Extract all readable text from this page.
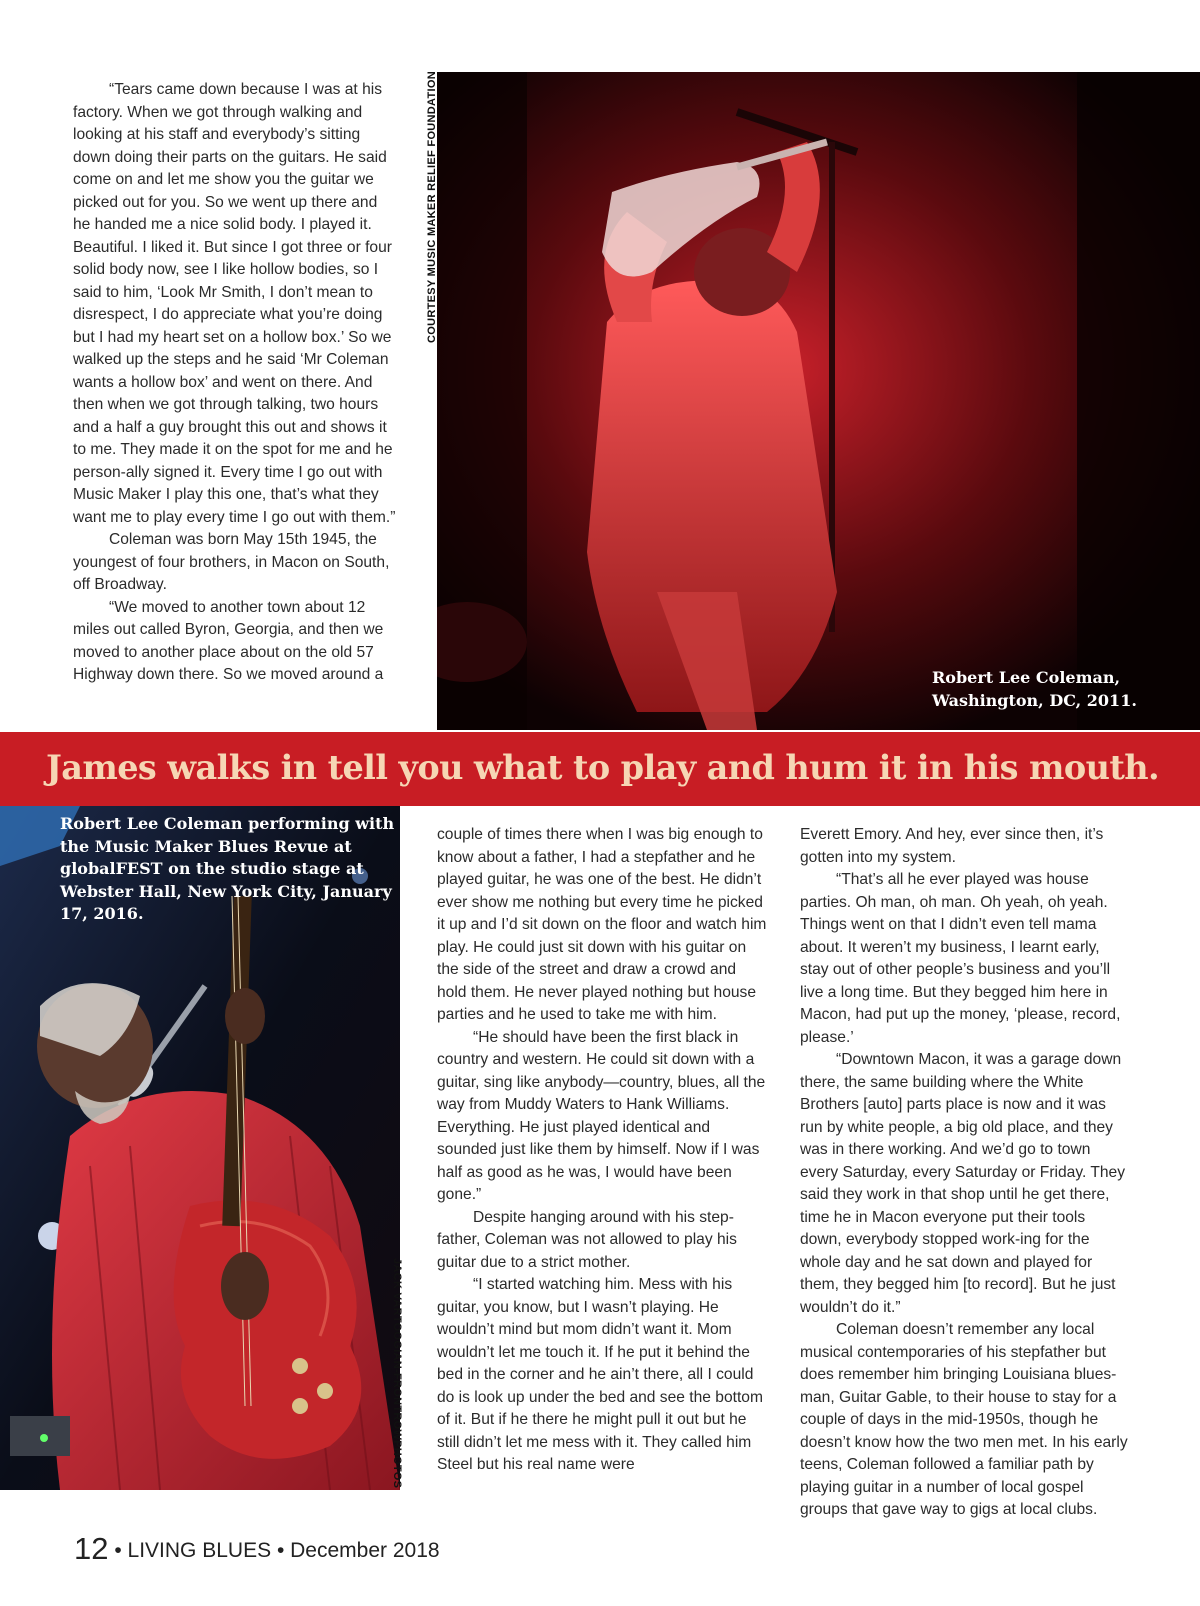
“Tears came down because I was at his factory. When we got through walking and looking at his staff and everybody’s sitting down doing their parts on the guitars. He said come on and let me show you the guitar we picked out for you. So we went up there and he handed me a nice solid body. I played it. Beautiful. I liked it. But since I got three or four solid body now, see I like hollow bodies, so I said to him, ‘Look Mr Smith, I don’t mean to disrespect, I do appreciate what you’re doing but I had my heart set on a hollow box.’ So we walked up the steps and he said ‘Mr Coleman wants a hollow box’ and went on there. And then when we got through talking, two hours and a half a guy brought this out and shows it to me. They made it on the spot for me and he person-ally signed it. Every time I go out with Music Maker I play this one, that’s what they want me to play every time I go out with them.”

Coleman was born May 15th 1945, the youngest of four brothers, in Macon on South, off Broadway.

“We moved to another town about 12 miles out called Byron, Georgia, and then we moved to another place about on the old 57 Highway down there. So we moved around a	Robert Lee Coleman,
Washington, DC, 2011.
COURTESY MUSIC MAKER RELIEF FOUNDATION
James walks in tell you what to play and hum it in his mouth.
Robert Lee Coleman performing with the Music Maker Blues Revue at globalFEST on the studio stage at Webster Hall, New York City, January 17, 2016.
JACK VARTOOGIAN-FRONTROWPHOTOS

couple of times there when I was big enough to know about a father, I had a stepfather and he played guitar, he was one of the best. He didn’t ever show me nothing but every time he picked it up and I’d sit down on the floor and watch him play. He could just sit down with his guitar on the side of the street and draw a crowd and hold them. He never played nothing but house parties and he used to take me with him.

“He should have been the first black in country and western. He could sit down with a guitar, sing like anybody—country, blues, all the way from Muddy Waters to Hank Williams. Everything. He just played identical and sounded just like them by himself. Now if I was half as good as he was, I would have been gone.”

Despite hanging around with his step-father, Coleman was not allowed to play his guitar due to a strict mother.

“I started watching him. Mess with his guitar, you know, but I wasn’t playing. He wouldn’t mind but mom didn’t want it. Mom wouldn’t let me touch it. If he put it behind the bed in the corner and he ain’t there, all I could do is look up under the bed and see the bottom of it. But if he there he might pull it out but he still didn’t let me mess with it. They called him Steel but his real name were

Everett Emory. And hey, ever since then, it’s gotten into my system.

“That’s all he ever played was house parties. Oh man, oh man. Oh yeah, oh yeah. Things went on that I didn’t even tell mama about. It weren’t my business, I learnt early, stay out of other people’s business and you’ll live a long time. But they begged him here in Macon, had put up the money, ‘please, record, please.’

“Downtown Macon, it was a garage down there, the same building where the White Brothers [auto] parts place is now and it was run by white people, a big old place, and they was in there working. And we’d go to town every Saturday, every Saturday or Friday. They said they work in that shop until he get there, time he in Macon everyone put their tools down, everybody stopped work-ing for the whole day and he sat down and played for them, they begged him [to record]. But he just wouldn’t do it.”

Coleman doesn’t remember any local musical contemporaries of his stepfather but does remember him bringing Louisiana blues-man, Guitar Gable, to their house to stay for a couple of days in the mid-1950s, though he doesn’t know how the two men met. In his early teens, Coleman followed a familiar path by playing guitar in a number of local gospel groups that gave way to gigs at local clubs.

12 • LIVING BLUES • December 2018
